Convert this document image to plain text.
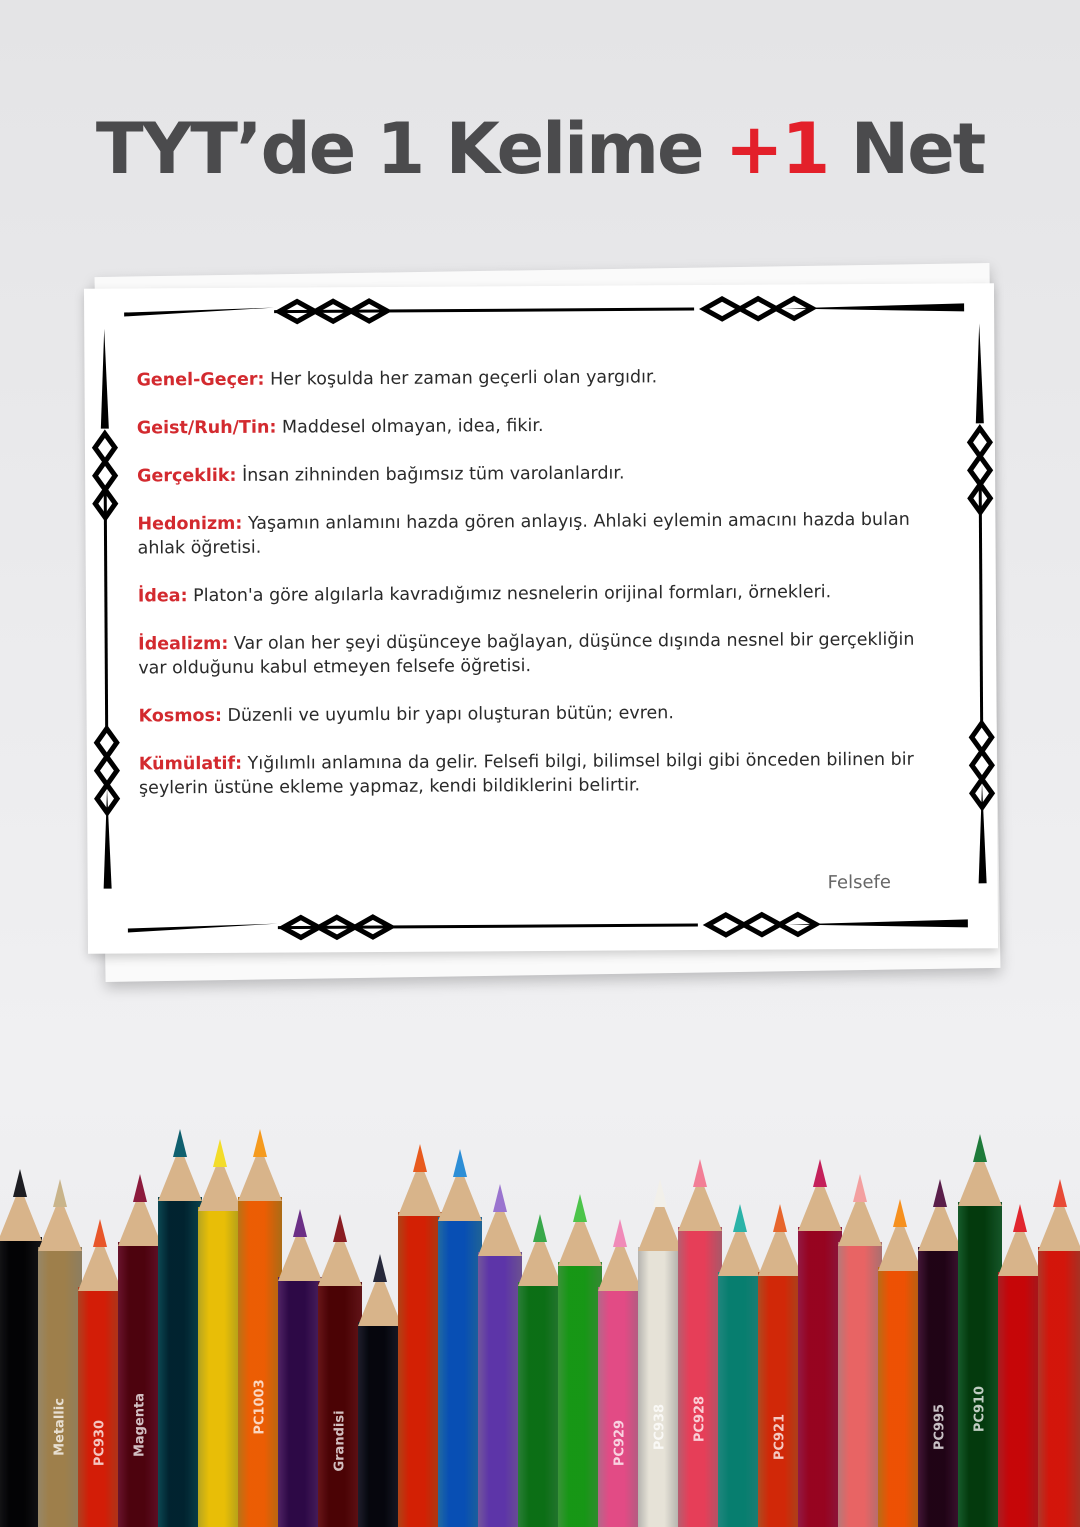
TYT’de 1 Kelime +1 Net

Genel-Geçer: Her koşulda her zaman geçerli olan yargıdır.

Geist/Ruh/Tin: Maddesel olmayan, idea, fikir.

Gerçeklik: İnsan zihninden bağımsız tüm varolanlardır.

Hedonizm: Yaşamın anlamını hazda gören anlayış. Ahlaki eylemin amacını hazda bulan ahlak öğretisi.

İdea: Platon'a göre algılarla kavradığımız nesnelerin orijinal formları, örnekleri.

İdealizm: Var olan her şeyi düşünceye bağlayan, düşünce dışında nesnel bir gerçekliğin var olduğunu kabul etmeyen felsefe öğretisi.

Kosmos: Düzenli ve uyumlu bir yapı oluşturan bütün; evren.

Kümülatif: Yığılımlı anlamına da gelir. Felsefi bilgi, bilimsel bilgi gibi önceden bilinen bir şeylerin üstüne ekleme yapmaz, kendi bildiklerini belirtir.

Felsefe
Metallic PC930 Magenta	PC1003
Grandisi	PC929 PC938 PC928	PC921	PC995 PC910
